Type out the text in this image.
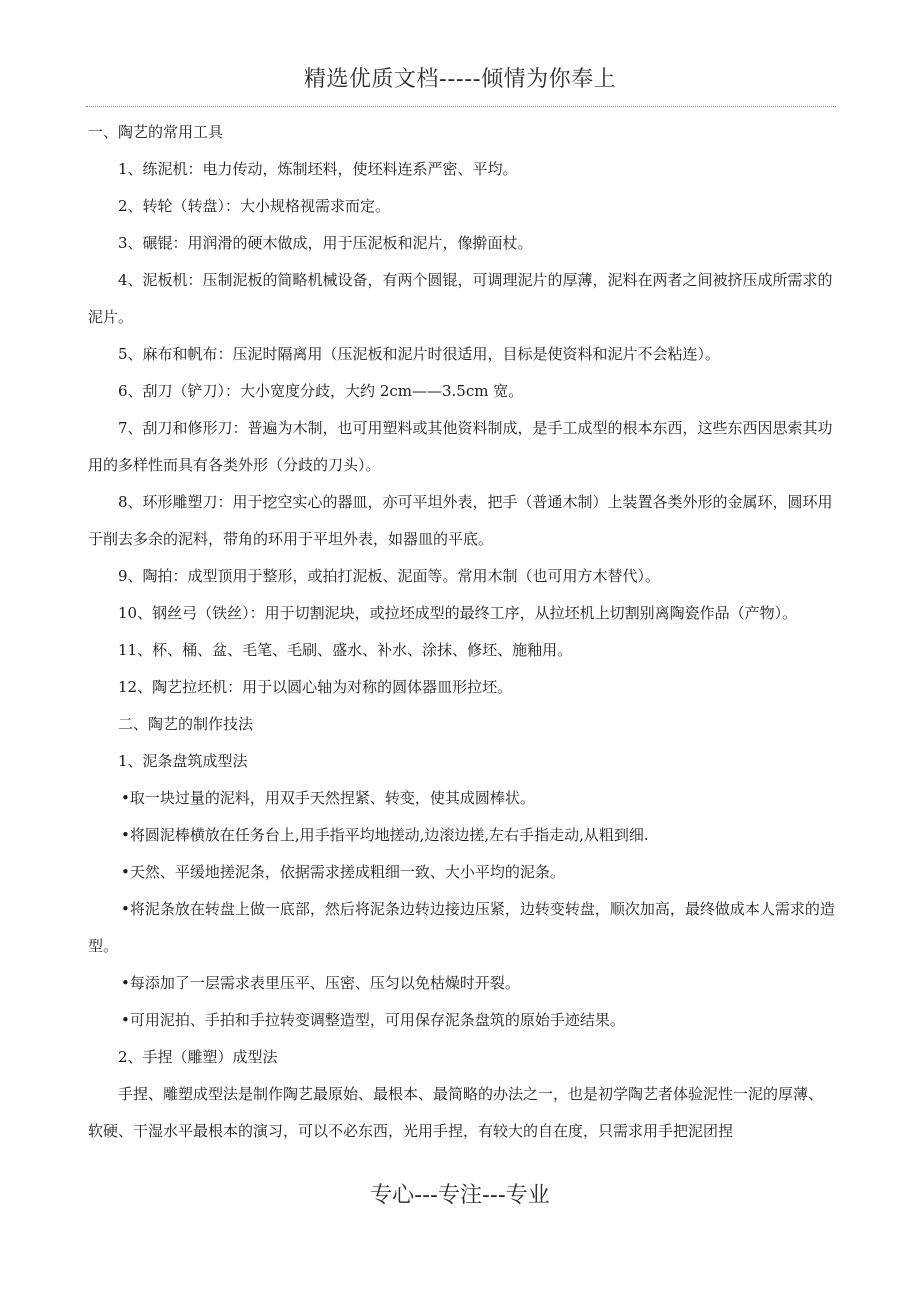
精选优质文档-----倾情为你奉上

一、陶艺的常用工具

1、练泥机：电力传动，炼制坯料，使坯料连系严密、平均。

2、转轮（转盘）：大小规格视需求而定。

3、碾锟：用润滑的硬木做成，用于压泥板和泥片，像擀面杖。

4、泥板机：压制泥板的简略机械设备，有两个圆锟，可调理泥片的厚薄，泥料在两者之间被挤压成所需求的泥片。

5、麻布和帆布：压泥时隔离用（压泥板和泥片时很适用，目标是使资料和泥片不会粘连）。

6、刮刀（铲刀）：大小宽度分歧，大约 2cm——3.5cm 宽。

7、刮刀和修形刀：普遍为木制，也可用塑料或其他资料制成，是手工成型的根本东西，这些东西因思索其功用的多样性而具有各类外形（分歧的刀头）。

8、环形雕塑刀：用于挖空实心的器皿，亦可平坦外表，把手（普通木制）上装置各类外形的金属环，圆环用于削去多余的泥料，带角的环用于平坦外表，如器皿的平底。

9、陶拍：成型顶用于整形，或拍打泥板、泥面等。常用木制（也可用方木替代）。

10、钢丝弓（铁丝）：用于切割泥块，或拉坯成型的最终工序，从拉坯机上切割别离陶瓷作品（产物）。

11、杯、桶、盆、毛笔、毛刷、盛水、补水、涂抹、修坯、施釉用。

12、陶艺拉坯机：用于以圆心轴为对称的圆体器皿形拉坯。

二、陶艺的制作技法

1、泥条盘筑成型法

•取一块过量的泥料，用双手天然捏紧、转变，使其成圆棒状。

•将圆泥棒横放在任务台上,用手指平均地搓动,边滚边搓,左右手指走动,从粗到细.

•天然、平缓地搓泥条，依据需求搓成粗细一致、大小平均的泥条。

•将泥条放在转盘上做一底部，然后将泥条边转边接边压紧，边转变转盘，顺次加高，最终做成本人需求的造型。

•每添加了一层需求表里压平、压密、压匀以免枯燥时开裂。

•可用泥拍、手拍和手拉转变调整造型，可用保存泥条盘筑的原始手迹结果。

2、手捏（雕塑）成型法

手捏、雕塑成型法是制作陶艺最原始、最根本、最简略的办法之一，也是初学陶艺者体验泥性一泥的厚薄、软硬、干湿水平最根本的演习，可以不必东西，光用手捏，有较大的自在度，只需求用手把泥团捏

专心---专注---专业
